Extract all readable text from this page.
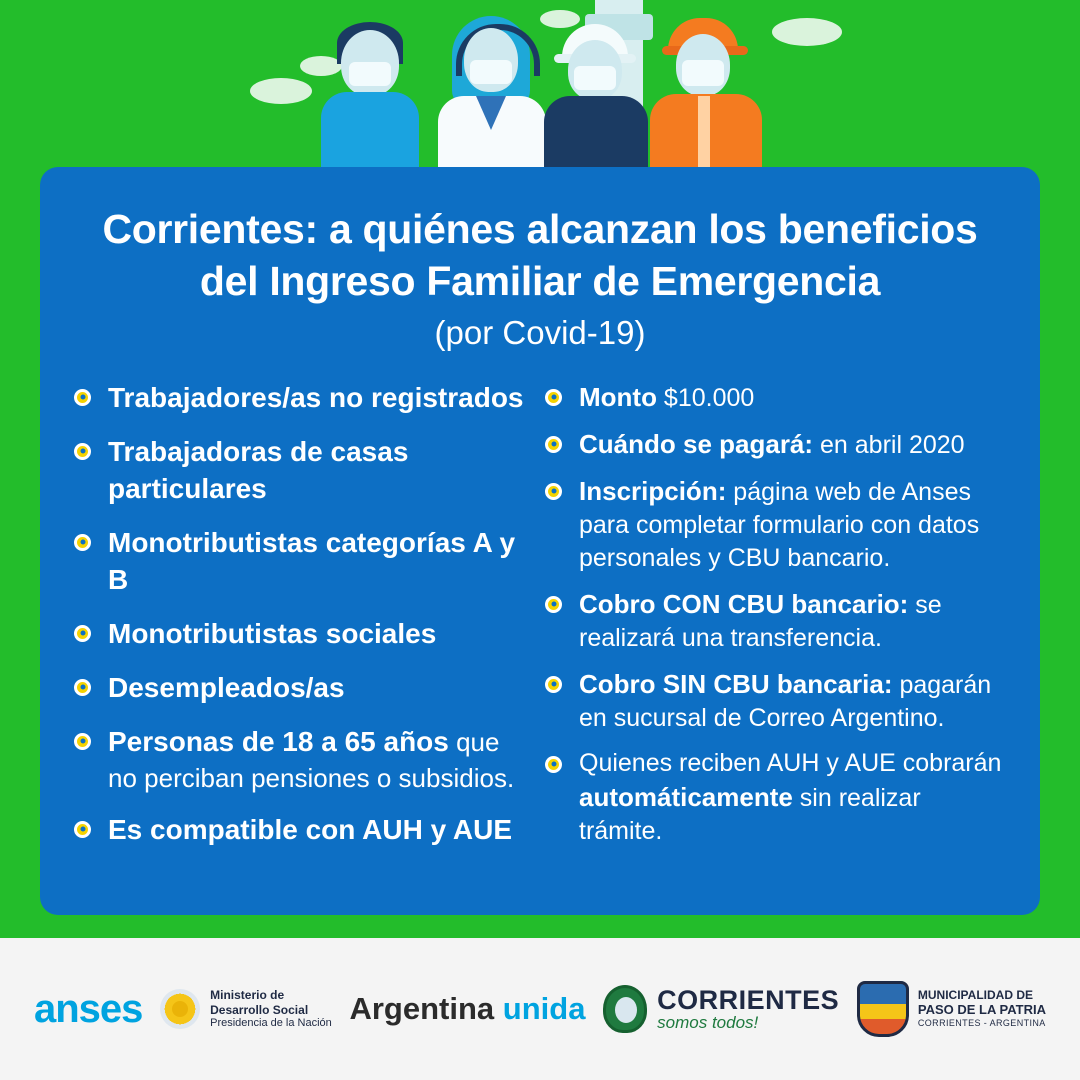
Corrientes: a quiénes alcanzan los beneficios
del Ingreso Familiar de Emergencia

(por Covid-19)

Trabajadores/as no registrados
Trabajadoras de casas particulares
Monotributistas categorías A y B
Monotributistas sociales
Desempleados/as
Personas de 18 a 65 años que no perciban pensiones o subsidios.
Es compatible con AUH y AUE
Monto $10.000
Cuándo se pagará: en abril 2020
Inscripción: página web de Anses para completar formulario con datos personales y CBU bancario.
Cobro CON CBU bancario: se realizará una transferencia.
Cobro SIN CBU bancaria: pagarán en sucursal de Correo Argentino.
Quienes reciben AUH y AUE cobrarán automáticamente sin realizar trámite.
anses	Ministerio de
Desarrollo Social
Presidencia de la Nación Argentina
unida	CORRIENTES
somos todos!
MUNICIPALIDAD DE
PASO DE LA PATRIA
CORRIENTES - ARGENTINA
